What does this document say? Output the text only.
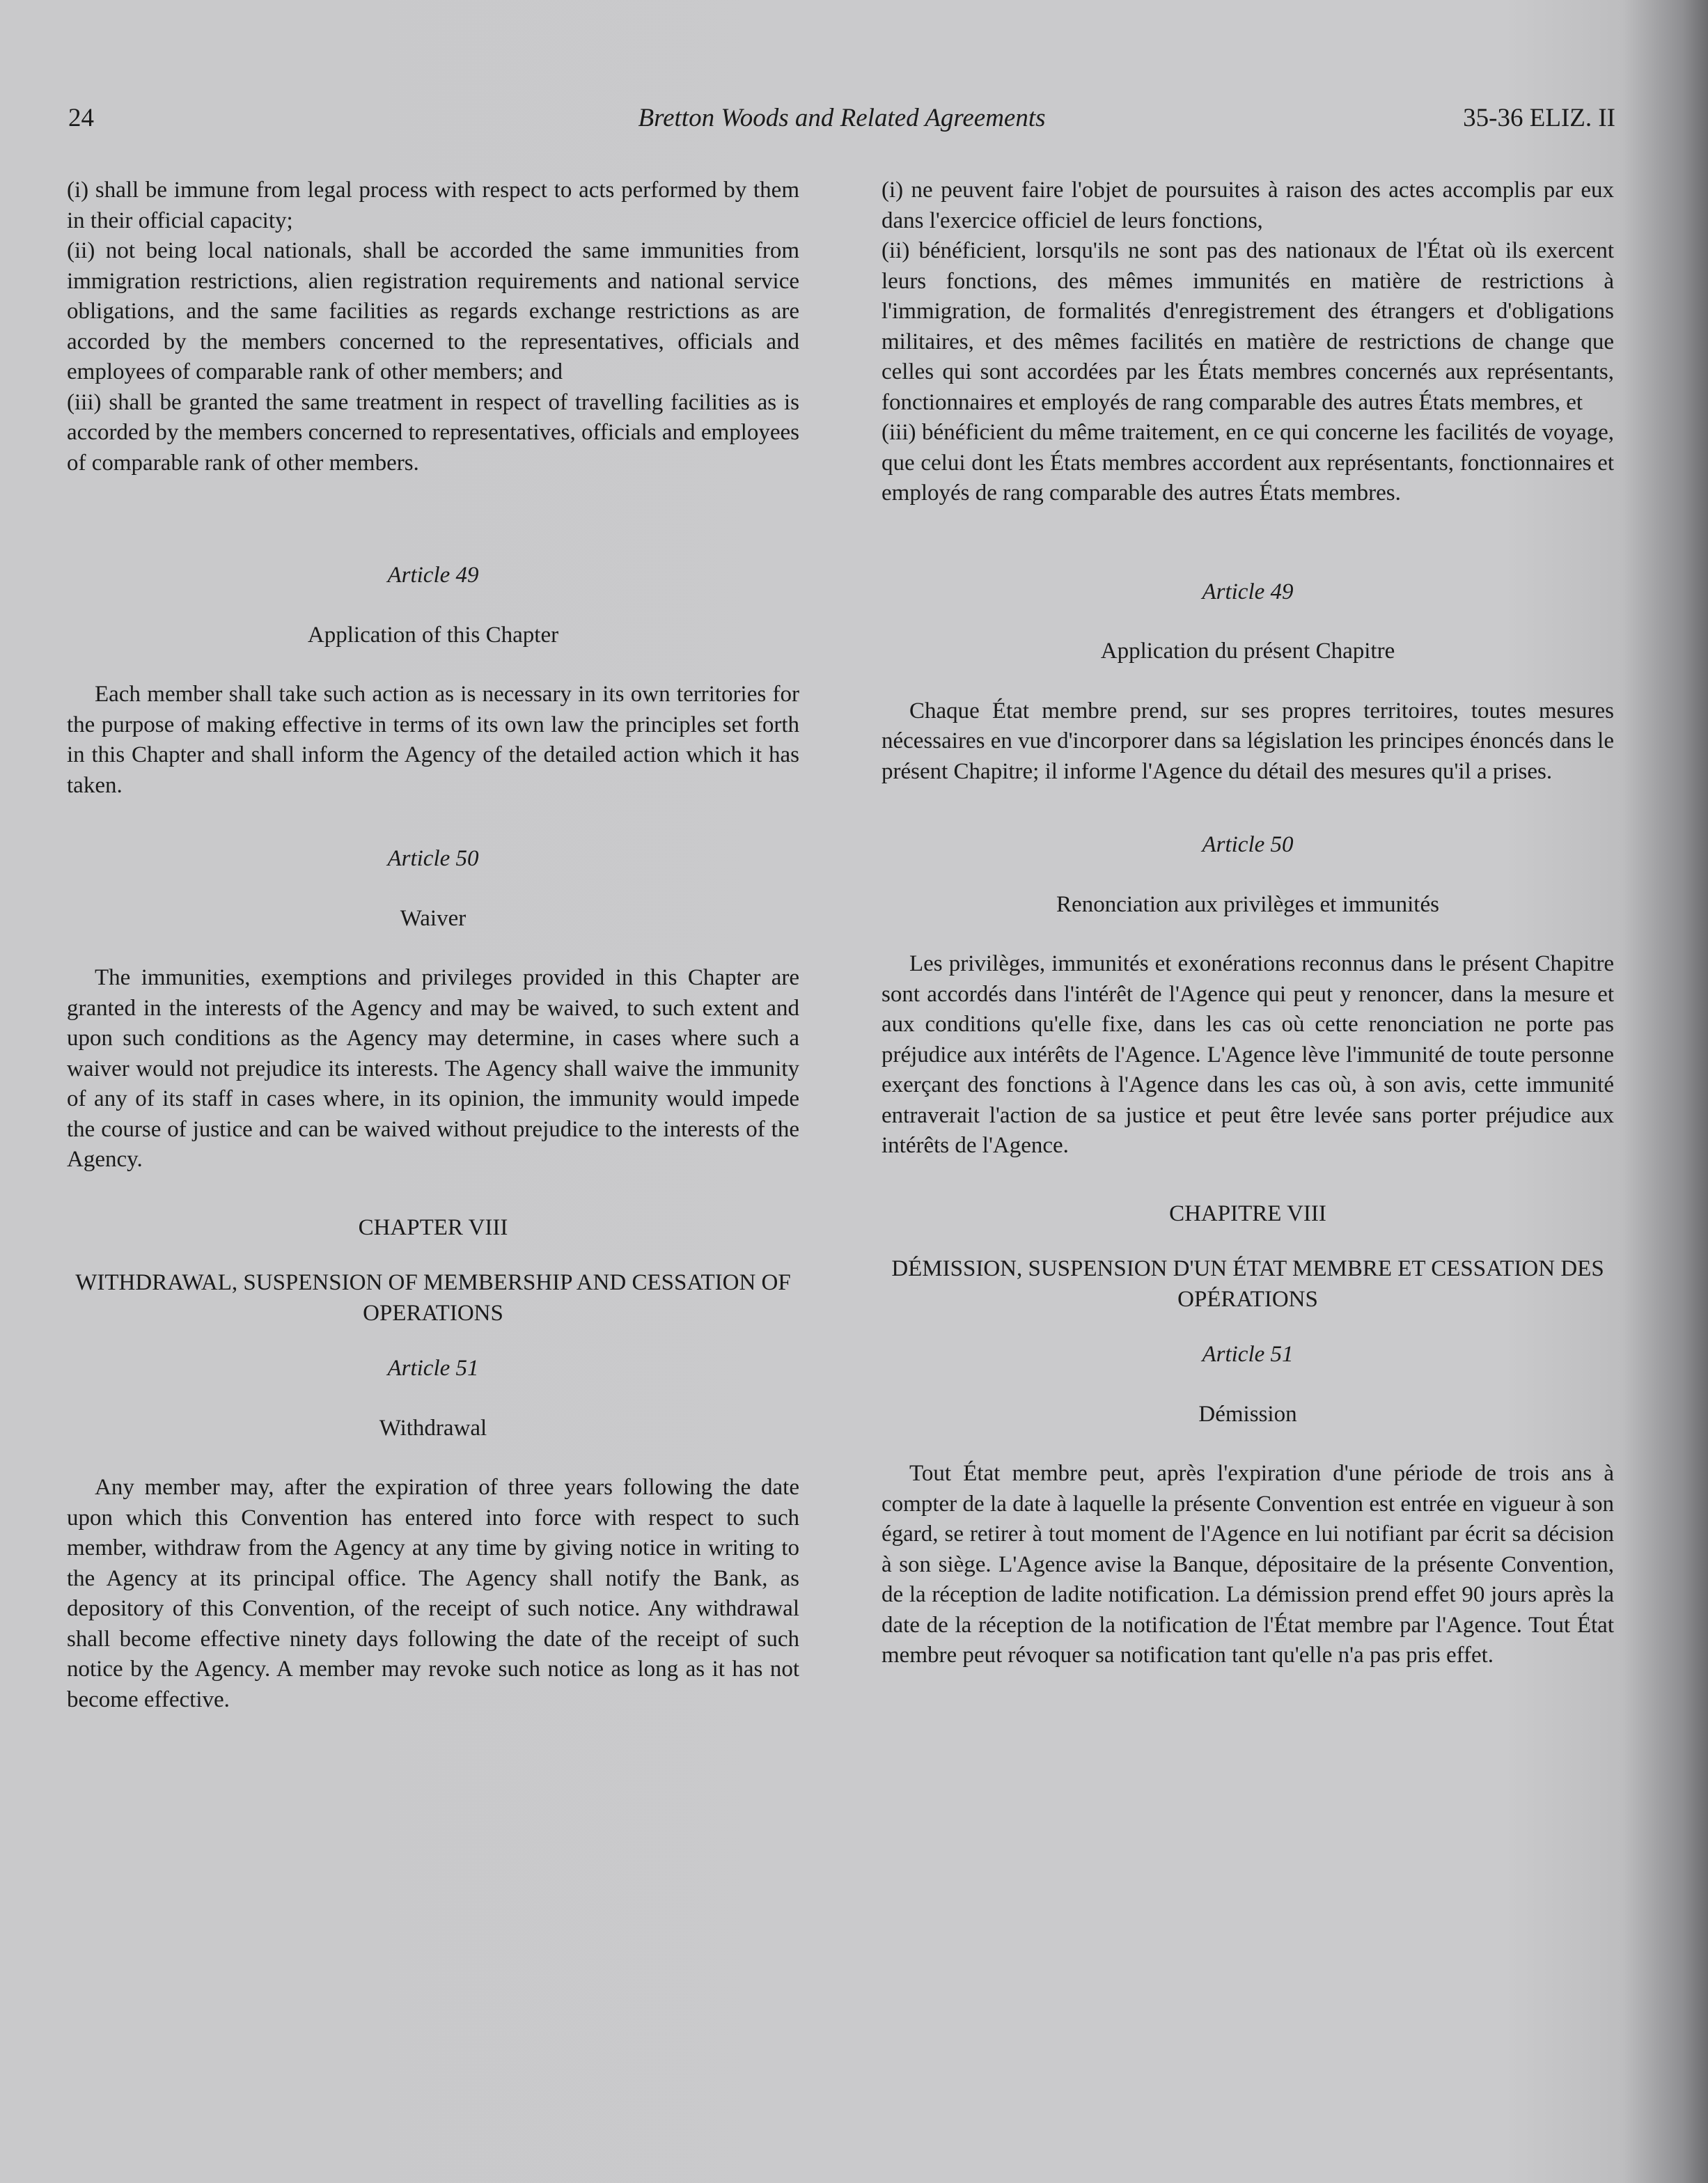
24	Bretton Woods and Related Agreements	35-36 ELIZ. II

(i) shall be immune from legal process with respect to acts performed by them in their official capacity;

(ii) not being local nationals, shall be accorded the same immunities from immigration restrictions, alien registration requirements and national service obligations, and the same facilities as regards exchange restrictions as are accorded by the members concerned to the representatives, officials and employees of comparable rank of other members; and

(iii) shall be granted the same treatment in respect of travelling facilities as is accorded by the members concerned to representatives, officials and employees of comparable rank of other members.

Article 49
Application of this Chapter

Each member shall take such action as is necessary in its own territories for the purpose of making effective in terms of its own law the principles set forth in this Chapter and shall inform the Agency of the detailed action which it has taken.

Article 50
Waiver

The immunities, exemptions and privileges provided in this Chapter are granted in the interests of the Agency and may be waived, to such extent and upon such conditions as the Agency may determine, in cases where such a waiver would not prejudice its interests. The Agency shall waive the immunity of any of its staff in cases where, in its opinion, the immunity would impede the course of justice and can be waived without prejudice to the interests of the Agency.

CHAPTER VIII
WITHDRAWAL, SUSPENSION OF MEMBERSHIP AND CESSATION OF OPERATIONS
Article 51
Withdrawal

Any member may, after the expiration of three years following the date upon which this Convention has entered into force with respect to such member, withdraw from the Agency at any time by giving notice in writing to the Agency at its principal office. The Agency shall notify the Bank, as depository of this Convention, of the receipt of such notice. Any withdrawal shall become effective ninety days following the date of the receipt of such notice by the Agency. A member may revoke such notice as long as it has not become effective.

(i) ne peuvent faire l'objet de poursuites à raison des actes accomplis par eux dans l'exercice officiel de leurs fonctions,

(ii) bénéficient, lorsqu'ils ne sont pas des nationaux de l'État où ils exercent leurs fonctions, des mêmes immunités en matière de restrictions à l'immigration, de formalités d'enregistrement des étrangers et d'obligations militaires, et des mêmes facilités en matière de restrictions de change que celles qui sont accordées par les États membres concernés aux représentants, fonctionnaires et employés de rang comparable des autres États membres, et

(iii) bénéficient du même traitement, en ce qui concerne les facilités de voyage, que celui dont les États membres accordent aux représentants, fonctionnaires et employés de rang comparable des autres États membres.

Article 49
Application du présent Chapitre

Chaque État membre prend, sur ses propres territoires, toutes mesures nécessaires en vue d'incorporer dans sa législation les principes énoncés dans le présent Chapitre; il informe l'Agence du détail des mesures qu'il a prises.

Article 50
Renonciation aux privilèges et immunités

Les privilèges, immunités et exonérations reconnus dans le présent Chapitre sont accordés dans l'intérêt de l'Agence qui peut y renoncer, dans la mesure et aux conditions qu'elle fixe, dans les cas où cette renonciation ne porte pas préjudice aux intérêts de l'Agence. L'Agence lève l'immunité de toute personne exerçant des fonctions à l'Agence dans les cas où, à son avis, cette immunité entraverait l'action de sa justice et peut être levée sans porter préjudice aux intérêts de l'Agence.

CHAPITRE VIII
DÉMISSION, SUSPENSION D'UN ÉTAT MEMBRE ET CESSATION DES OPÉRATIONS
Article 51
Démission

Tout État membre peut, après l'expiration d'une période de trois ans à compter de la date à laquelle la présente Convention est entrée en vigueur à son égard, se retirer à tout moment de l'Agence en lui notifiant par écrit sa décision à son siège. L'Agence avise la Banque, dépositaire de la présente Convention, de la réception de ladite notification. La démission prend effet 90 jours après la date de la réception de la notification de l'État membre par l'Agence. Tout État membre peut révoquer sa notification tant qu'elle n'a pas pris effet.
